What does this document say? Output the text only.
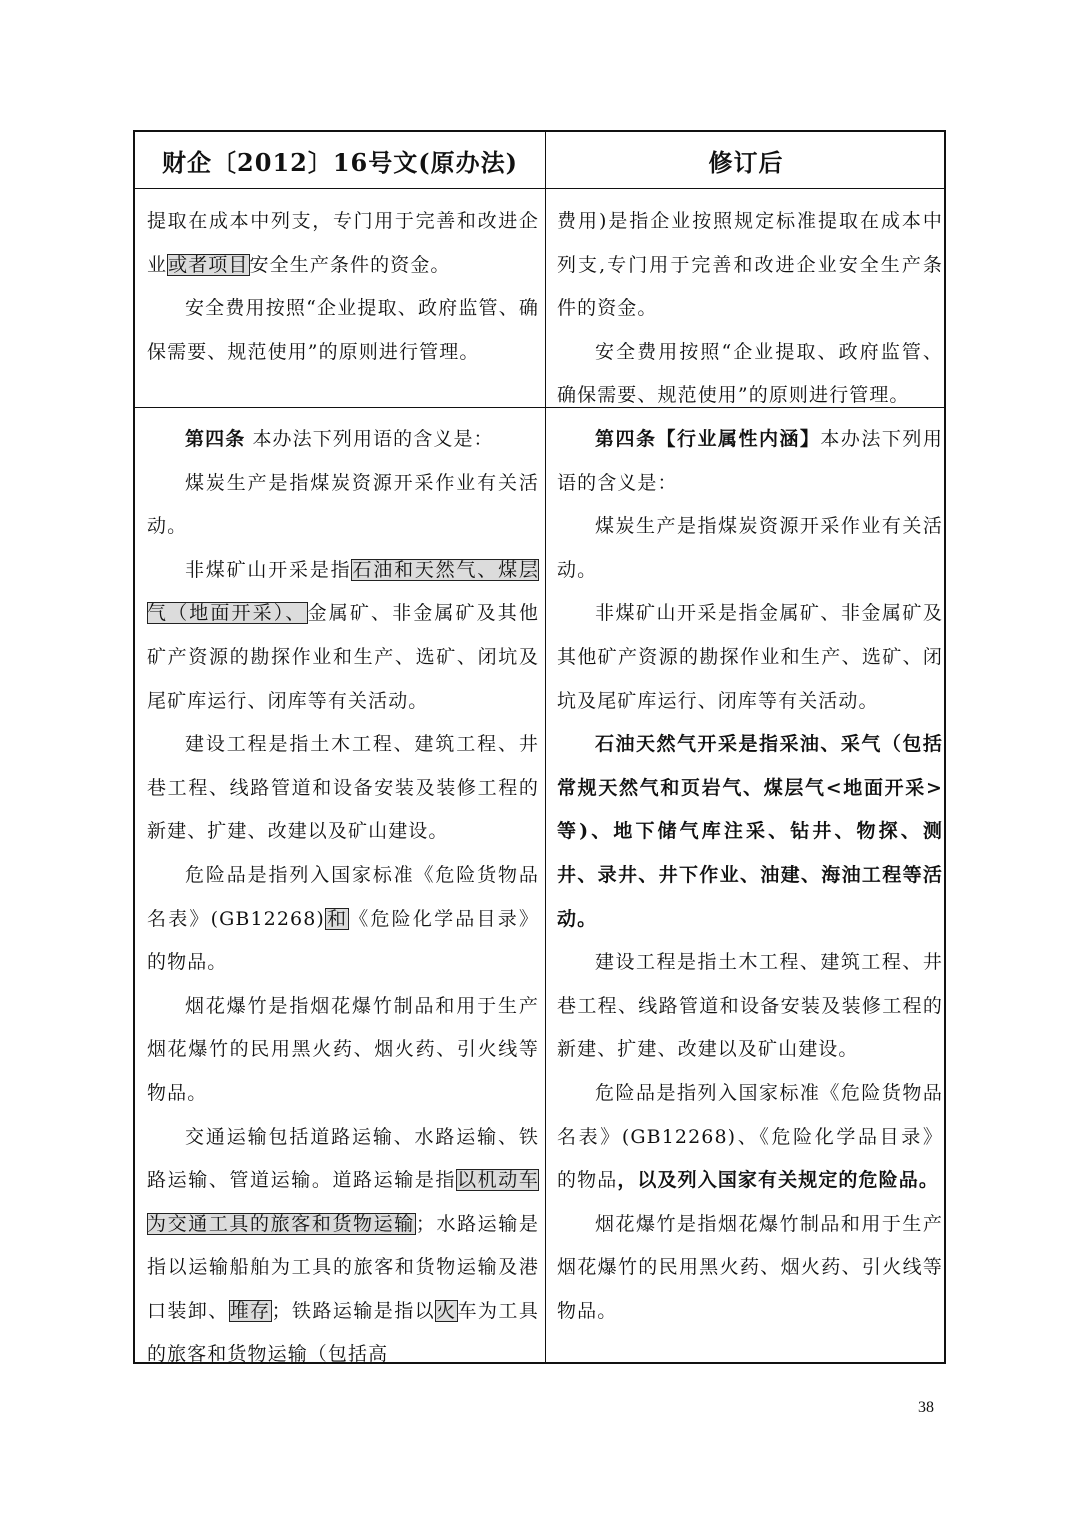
财企〔2012〕16号文(原办法)	修订后

提取在成本中列支，专门用于完善和改进企业或者项目安全生产条件的资金。

安全费用按照“企业提取、政府监管、确保需要、规范使用”的原则进行管理。

费用)是指企业按照规定标准提取在成本中列支,专门用于完善和改进企业安全生产条件的资金。

安全费用按照“企业提取、政府监管、确保需要、规范使用”的原则进行管理。

第四条 本办法下列用语的含义是：

煤炭生产是指煤炭资源开采作业有关活动。

非煤矿山开采是指石油和天然气、煤层气（地面开采）、金属矿、非金属矿及其他矿产资源的勘探作业和生产、选矿、闭坑及尾矿库运行、闭库等有关活动。

建设工程是指土木工程、建筑工程、井巷工程、线路管道和设备安装及装修工程的新建、扩建、改建以及矿山建设。

危险品是指列入国家标准《危险货物品名表》(GB12268)和《危险化学品目录》的物品。

烟花爆竹是指烟花爆竹制品和用于生产烟花爆竹的民用黑火药、烟火药、引火线等物品。

交通运输包括道路运输、水路运输、铁路运输、管道运输。道路运输是指以机动车为交通工具的旅客和货物运输；水路运输是指以运输船舶为工具的旅客和货物运输及港口装卸、堆存；铁路运输是指以火车为工具的旅客和货物运输（包括高

第四条【行业属性内涵】本办法下列用语的含义是：

煤炭生产是指煤炭资源开采作业有关活动。

非煤矿山开采是指金属矿、非金属矿及其他矿产资源的勘探作业和生产、选矿、闭坑及尾矿库运行、闭库等有关活动。

石油天然气开采是指采油、采气（包括常规天然气和页岩气、煤层气<地面开采>等)、地下储气库注采、钻井、物探、测井、录井、井下作业、油建、海油工程等活动。

建设工程是指土木工程、建筑工程、井巷工程、线路管道和设备安装及装修工程的新建、扩建、改建以及矿山建设。

危险品是指列入国家标准《危险货物品名表》(GB12268)、《危险化学品目录》的物品，以及列入国家有关规定的危险品。

烟花爆竹是指烟花爆竹制品和用于生产烟花爆竹的民用黑火药、烟火药、引火线等物品。

38
